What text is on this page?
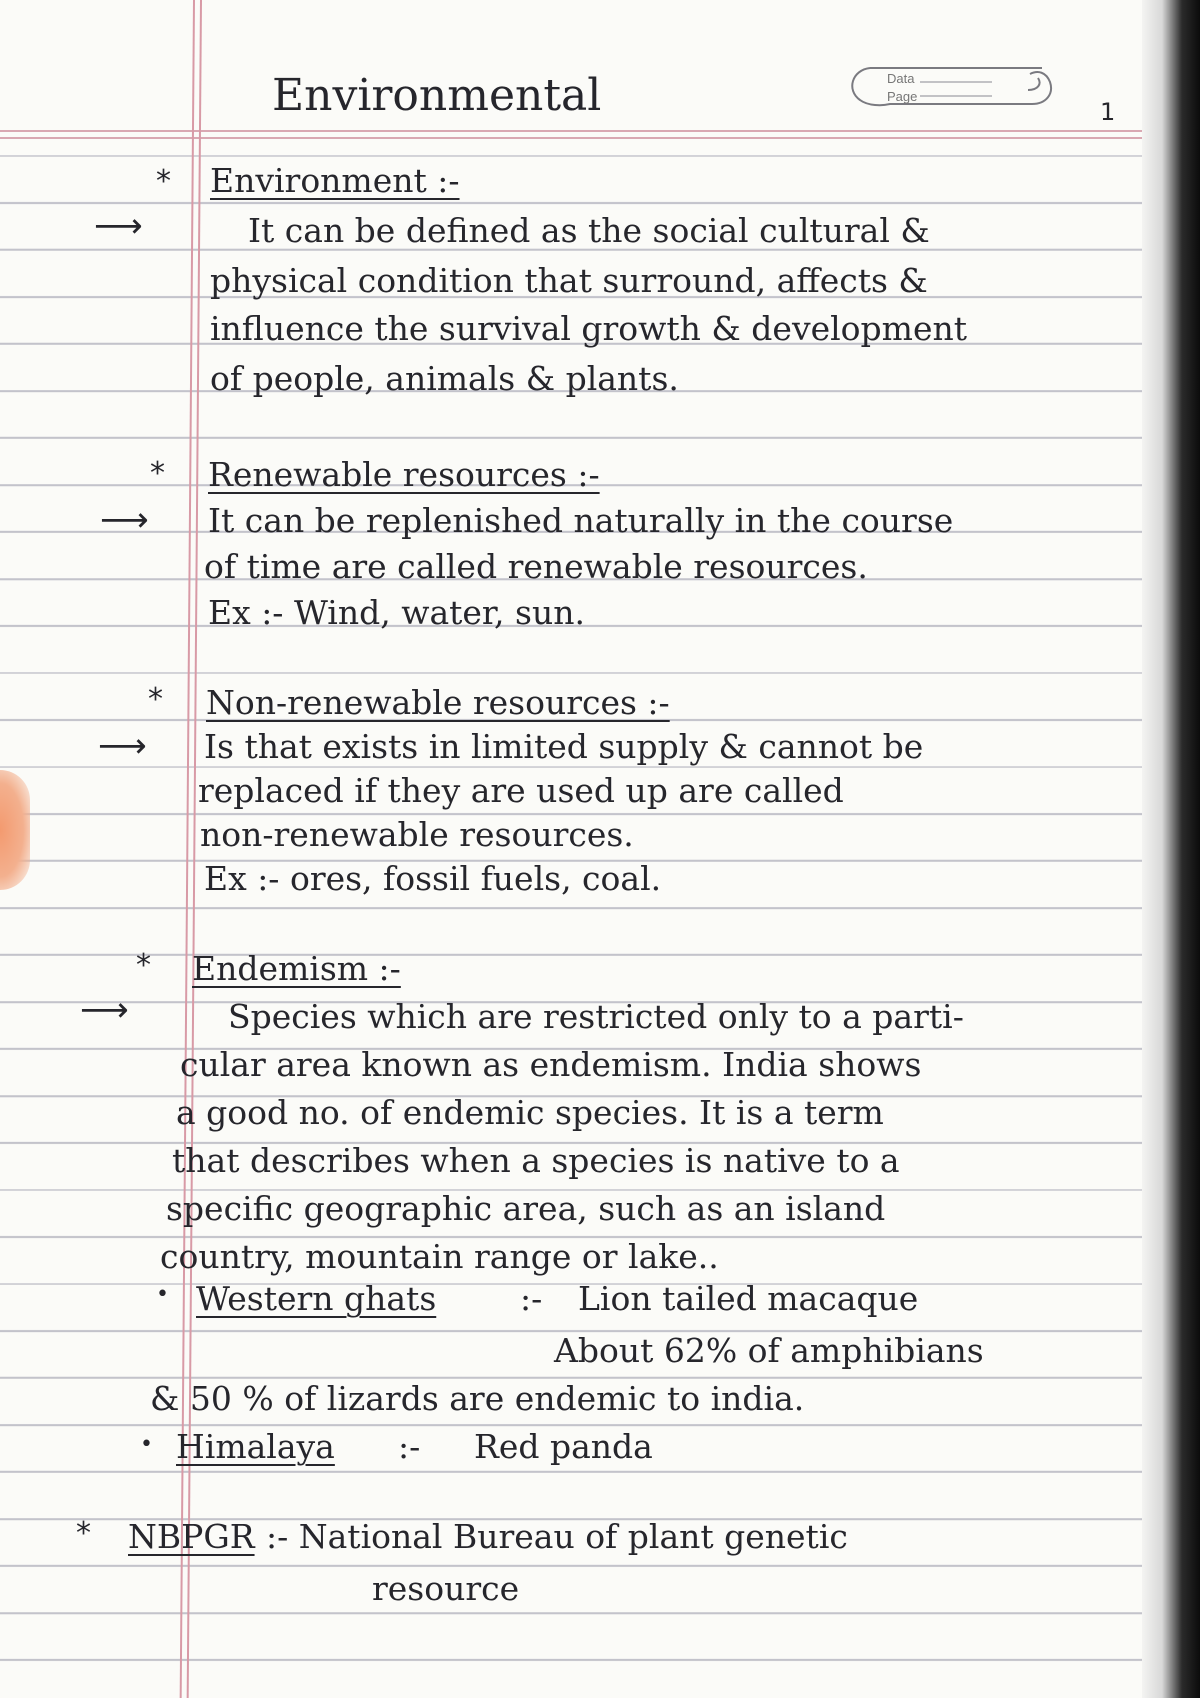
Environmental	Data
Page
1
*
⟶

Environment :-

It can be defined as the social cultural &

physical condition that surround, affects &

influence the survival growth & development

of people, animals & plants.

*
⟶

Renewable resources :-

It can be replenished naturally in the course

of time are called renewable resources.

Ex :- Wind, water, sun.

*
⟶

Non-renewable resources :-

Is that exists in limited supply & cannot be

replaced if they are used up are called

non-renewable resources.

Ex :- ores, fossil fuels, coal.

*
⟶

Endemism :-

Species which are restricted only to a parti-

cular area known as endemism. India shows

a good no. of endemic species. It is a term

that describes when a species is native to a

specific geographic area, such as an island

country, mountain range or lake..

• Western ghats	:- Lion tailed macaque

About 62% of amphibians

& 50 % of lizards are endemic to india.

• Himalaya :- Red panda

* NBPGR :- National Bureau of plant genetic

resource
